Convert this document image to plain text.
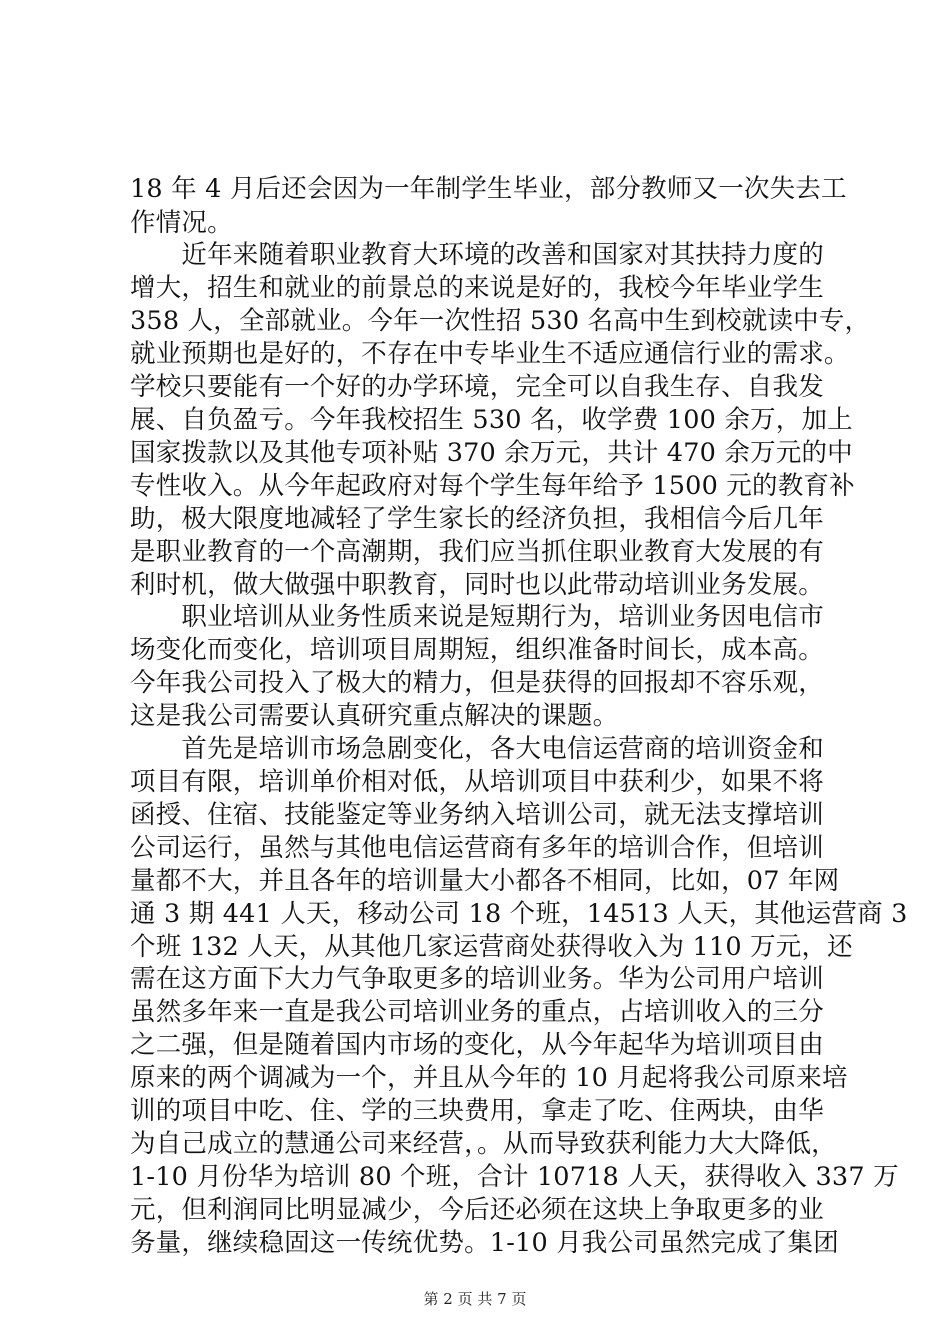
18 年 4 月后还会因为一年制学生毕业，部分教师又一次失去工
作情况。
　　近年来随着职业教育大环境的改善和国家对其扶持力度的
增大，招生和就业的前景总的来说是好的，我校今年毕业学生
358 人，全部就业。今年一次性招 530 名高中生到校就读中专，
就业预期也是好的，不存在中专毕业生不适应通信行业的需求。
学校只要能有一个好的办学环境，完全可以自我生存、自我发
展、自负盈亏。今年我校招生 530 名，收学费 100 余万，加上
国家拨款以及其他专项补贴 370 余万元，共计 470 余万元的中
专性收入。从今年起政府对每个学生每年给予 1500 元的教育补
助，极大限度地减轻了学生家长的经济负担，我相信今后几年
是职业教育的一个高潮期，我们应当抓住职业教育大发展的有
利时机，做大做强中职教育，同时也以此带动培训业务发展。
　　职业培训从业务性质来说是短期行为，培训业务因电信市
场变化而变化，培训项目周期短，组织准备时间长，成本高。
今年我公司投入了极大的精力，但是获得的回报却不容乐观，
这是我公司需要认真研究重点解决的课题。
　　首先是培训市场急剧变化，各大电信运营商的培训资金和
项目有限，培训单价相对低，从培训项目中获利少，如果不将
函授、住宿、技能鉴定等业务纳入培训公司，就无法支撑培训
公司运行，虽然与其他电信运营商有多年的培训合作，但培训
量都不大，并且各年的培训量大小都各不相同，比如，07 年网
通 3 期 441 人天，移动公司 18 个班，14513 人天，其他运营商 3
个班 132 人天，从其他几家运营商处获得收入为 110 万元，还
需在这方面下大力气争取更多的培训业务。华为公司用户培训
虽然多年来一直是我公司培训业务的重点，占培训收入的三分
之二强，但是随着国内市场的变化，从今年起华为培训项目由
原来的两个调减为一个，并且从今年的 10 月起将我公司原来培
训的项目中吃、住、学的三块费用，拿走了吃、住两块，由华
为自己成立的慧通公司来经营，。从而导致获利能力大大降低，
1-10 月份华为培训 80 个班，合计 10718 人天，获得收入 337 万
元，但利润同比明显减少，今后还必须在这块上争取更多的业
务量，继续稳固这一传统优势。1-10 月我公司虽然完成了集团
第 2 页 共 7 页
